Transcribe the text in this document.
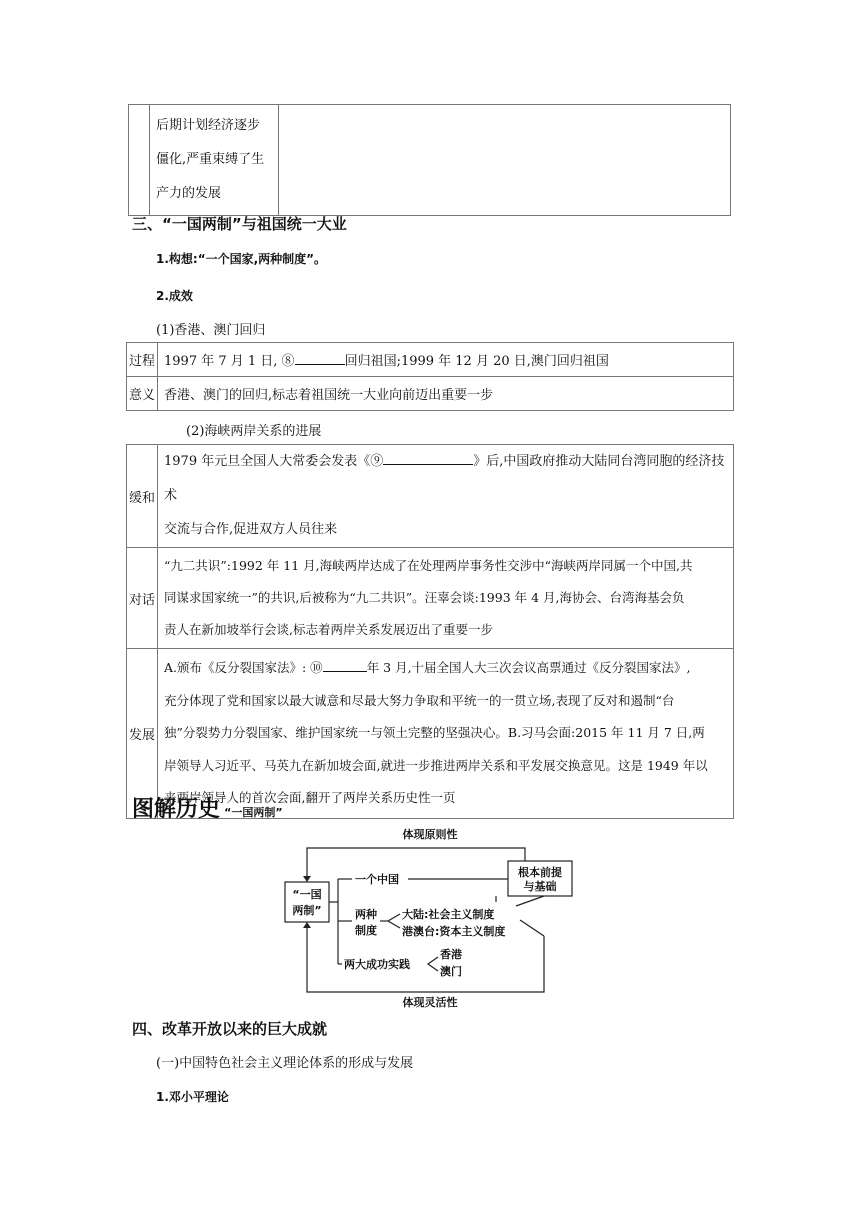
后期计划经济逐步
僵化,严重束缚了生
产力的发展

三、“一国两制”与祖国统一大业
1.构想:“一个国家,两种制度”。
2.成效
(1)香港、澳门回归
过程	1997 年 7 月 1 日, ⑧ 回归祖国;1999 年 12 月 20 日,澳门回归祖国
意义	香港、澳门的回归,标志着祖国统一大业向前迈出重要一步
(2)海峡两岸关系的进展
缓和	1979 年元旦全国人大常委会发表《⑨ 》后,中国政府推动大陆同台湾同胞的经济技术
交流与合作,促进双方人员往来

对话	“九二共识”:1992 年 11 月,海峡两岸达成了在处理两岸事务性交涉中“海峡两岸同属一个中国,共
同谋求国家统一”的共识,后被称为“九二共识”。汪辜会谈:1993 年 4 月,海协会、台湾海基会负
责人在新加坡举行会谈,标志着两岸关系发展迈出了重要一步

发展	A.颁布《反分裂国家法》: ⑩ 年 3 月,十届全国人大三次会议高票通过《反分裂国家法》,
充分体现了党和国家以最大诚意和尽最大努力争取和平统一的一贯立场,表现了反对和遏制“台
独”分裂势力分裂国家、维护国家统一与领土完整的坚强决心。B.习马会面:2015 年 11 月 7 日,两
岸领导人习近平、马英九在新加坡会面,就进一步推进两岸关系和平发展交换意见。这是 1949 年以
来两岸领导人的首次会面,翻开了两岸关系历史性一页
图解历史 “一国两制”
体现原则性
“一国
两制”
一个中国
根本前提
与基础
两种
制度
大陆:社会主义制度
港澳台:资本主义制度
两大成功实践
香港
澳门
体现灵活性
四、改革开放以来的巨大成就
(一)中国特色社会主义理论体系的形成与发展
1.邓小平理论
